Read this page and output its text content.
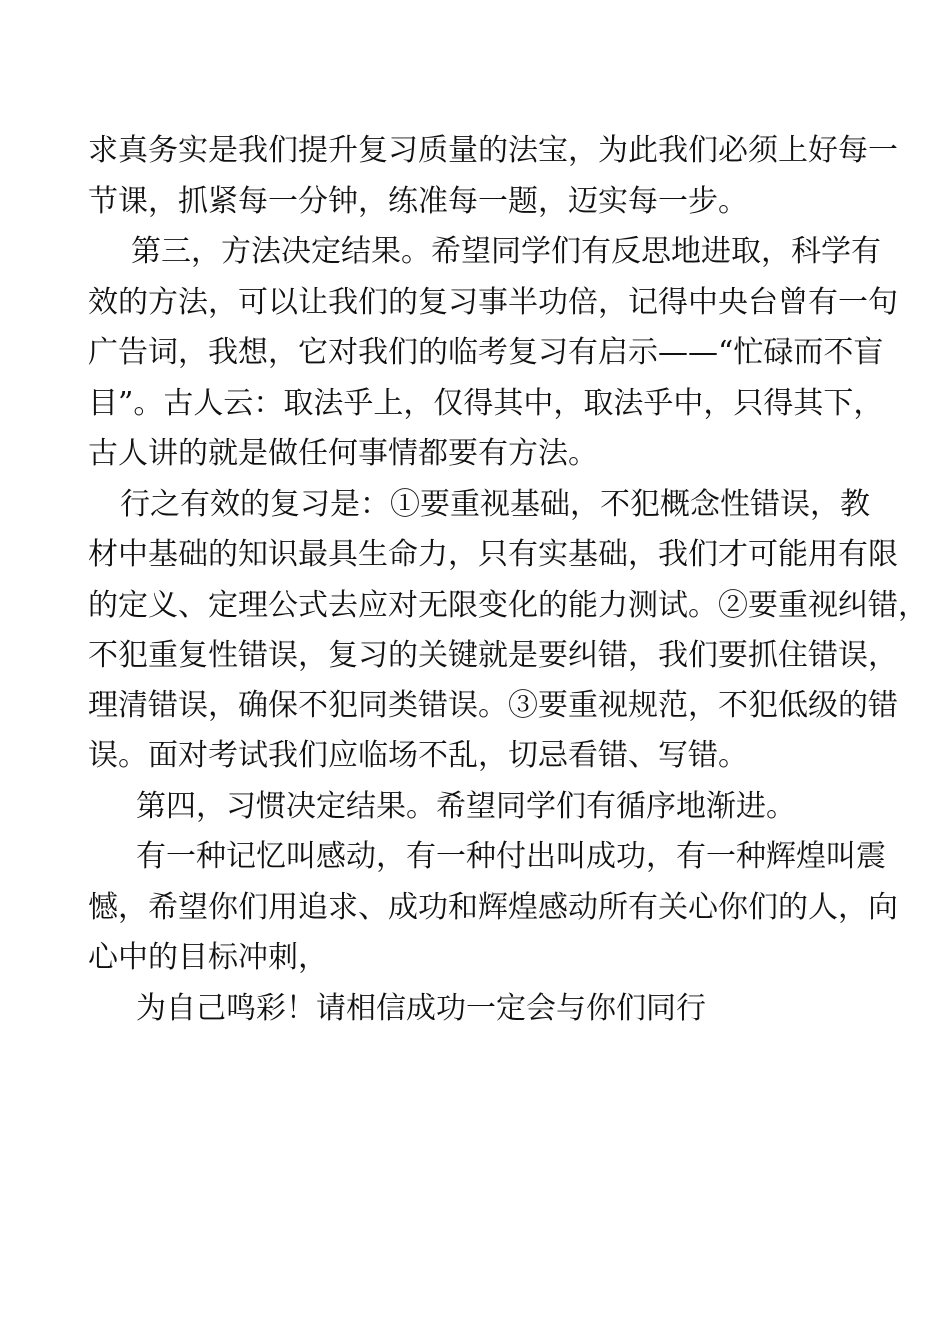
求真务实是我们提升复习质量的法宝，为此我们必须上好每一
节课，抓紧每一分钟，练准每一题，迈实每一步。
第三，方法决定结果。希望同学们有反思地进取，科学有
效的方法，可以让我们的复习事半功倍，记得中央台曾有一句
广告词，我想，它对我们的临考复习有启示——“忙碌而不盲
目”。古人云：取法乎上，仅得其中，取法乎中，只得其下，
古人讲的就是做任何事情都要有方法。
行之有效的复习是：①要重视基础，不犯概念性错误，教
材中基础的知识最具生命力，只有实基础，我们才可能用有限
的定义、定理公式去应对无限变化的能力测试。②要重视纠错，
不犯重复性错误，复习的关键就是要纠错，我们要抓住错误，
理清错误，确保不犯同类错误。③要重视规范，不犯低级的错
误。面对考试我们应临场不乱，切忌看错、写错。
第四，习惯决定结果。希望同学们有循序地渐进。
有一种记忆叫感动，有一种付出叫成功，有一种辉煌叫震
憾，希望你们用追求、成功和辉煌感动所有关心你们的人，向
心中的目标冲刺，
为自己鸣彩！请相信成功一定会与你们同行
